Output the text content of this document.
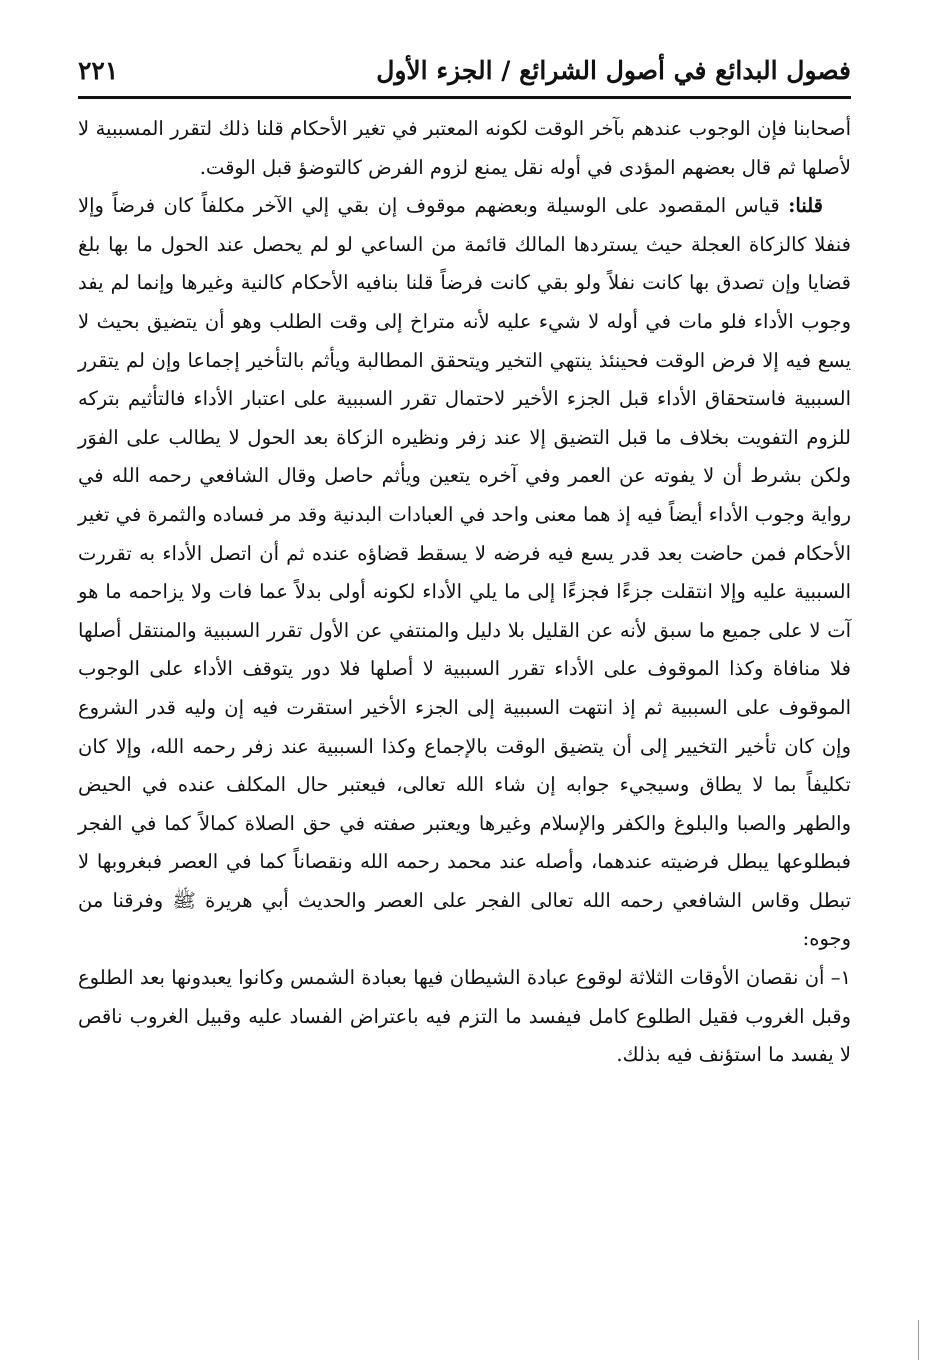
فصول البدائع في أصول الشرائع / الجزء الأول
٢٢١

أصحابنا فإن الوجوب عندهم بآخر الوقت لكونه المعتبر في تغير الأحكام قلنا ذلك لتقرر المسببية لا لأصلها ثم قال بعضهم المؤدى في أوله نقل يمنع لزوم الفرض كالتوضؤ قبل الوقت.

قلنا: قياس المقصود على الوسيلة وبعضهم موقوف إن بقي إلي الآخر مكلفاً كان فرضاً وإلا فنفلا كالزكاة العجلة حيث يستردها المالك قائمة من الساعي لو لم يحصل عند الحول ما بها بلغ قضايا وإن تصدق بها كانت نفلاً ولو بقي كانت فرضاً قلنا بنافيه الأحكام كالنية وغيرها وإنما لم يفد وجوب الأداء فلو مات في أوله لا شيء عليه لأنه متراخ إلى وقت الطلب وهو أن يتضيق بحيث لا يسع فيه إلا فرض الوقت فحينئذ ينتهي التخير ويتحقق المطالبة ويأثم بالتأخير إجماعا وإن لم يتقرر السببية فاستحقاق الأداء قبل الجزء الأخير لاحتمال تقرر السببية على اعتبار الأداء فالتأثيم بتركه للزوم التفويت بخلاف ما قبل التضيق إلا عند زفر ونظيره الزكاة بعد الحول لا يطالب على الفوَر ولكن بشرط أن لا يفوته عن العمر وفي آخره يتعين ويأثم حاصل وقال الشافعي رحمه الله في رواية وجوب الأداء أيضاً فيه إذ هما معنى واحد في العبادات البدنية وقد مر فساده والثمرة في تغير الأحكام فمن حاضت بعد قدر يسع فيه فرضه لا يسقط قضاؤه عنده ثم أن اتصل الأداء به تقررت السببية عليه وإلا انتقلت جزءًا فجزءًا إلى ما يلي الأداء لكونه أولى بدلاً عما فات ولا يزاحمه ما هو آت لا على جميع ما سبق لأنه عن القليل بلا دليل والمنتفي عن الأول تقرر السببية والمنتقل أصلها فلا منافاة وكذا الموقوف على الأداء تقرر السببية لا أصلها فلا دور يتوقف الأداء على الوجوب الموقوف على السببية ثم إذ انتهت السببية إلى الجزء الأخير استقرت فيه إن وليه قدر الشروع وإن كان تأخير التخيير إلى أن يتضيق الوقت بالإجماع وكذا السببية عند زفر رحمه الله، وإلا كان تكليفاً بما لا يطاق وسيجيء جوابه إن شاء الله تعالى، فيعتبر حال المكلف عنده في الحيض والطهر والصبا والبلوغ والكفر والإسلام وغيرها ويعتبر صفته في حق الصلاة كمالاً كما في الفجر فبطلوعها يبطل فرضيته عندهما، وأصله عند محمد رحمه الله ونقصاناً كما في العصر فبغروبها لا تبطل وقاس الشافعي رحمه الله تعالى الفجر على العصر والحديث أبي هريرة ﷺ وفرقنا من وجوه:

١– أن نقصان الأوقات الثلاثة لوقوع عبادة الشيطان فيها بعبادة الشمس وكانوا يعبدونها بعد الطلوع وقبل الغروب فقيل الطلوع كامل فيفسد ما التزم فيه باعتراض الفساد عليه وقبيل الغروب ناقص لا يفسد ما استؤنف فيه بذلك.
